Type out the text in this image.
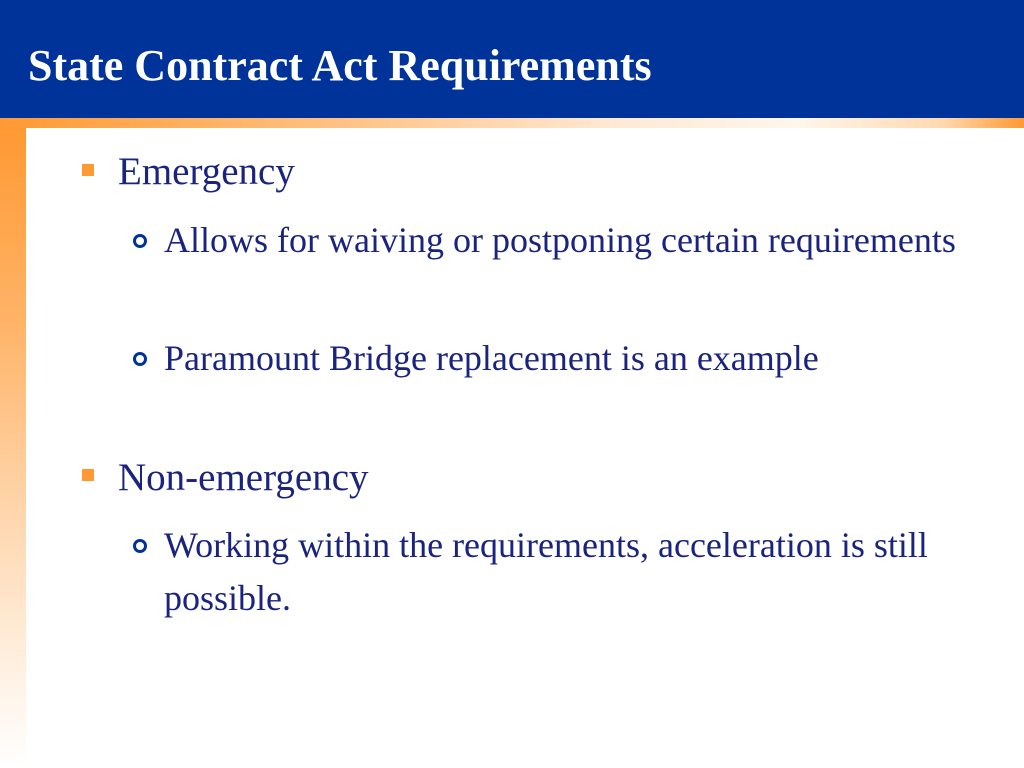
State Contract Act Requirements
Emergency
Allows for waiving or postponing certain requirements
Paramount Bridge replacement is an example
Non-emergency
Working within the requirements, acceleration is still possible.
